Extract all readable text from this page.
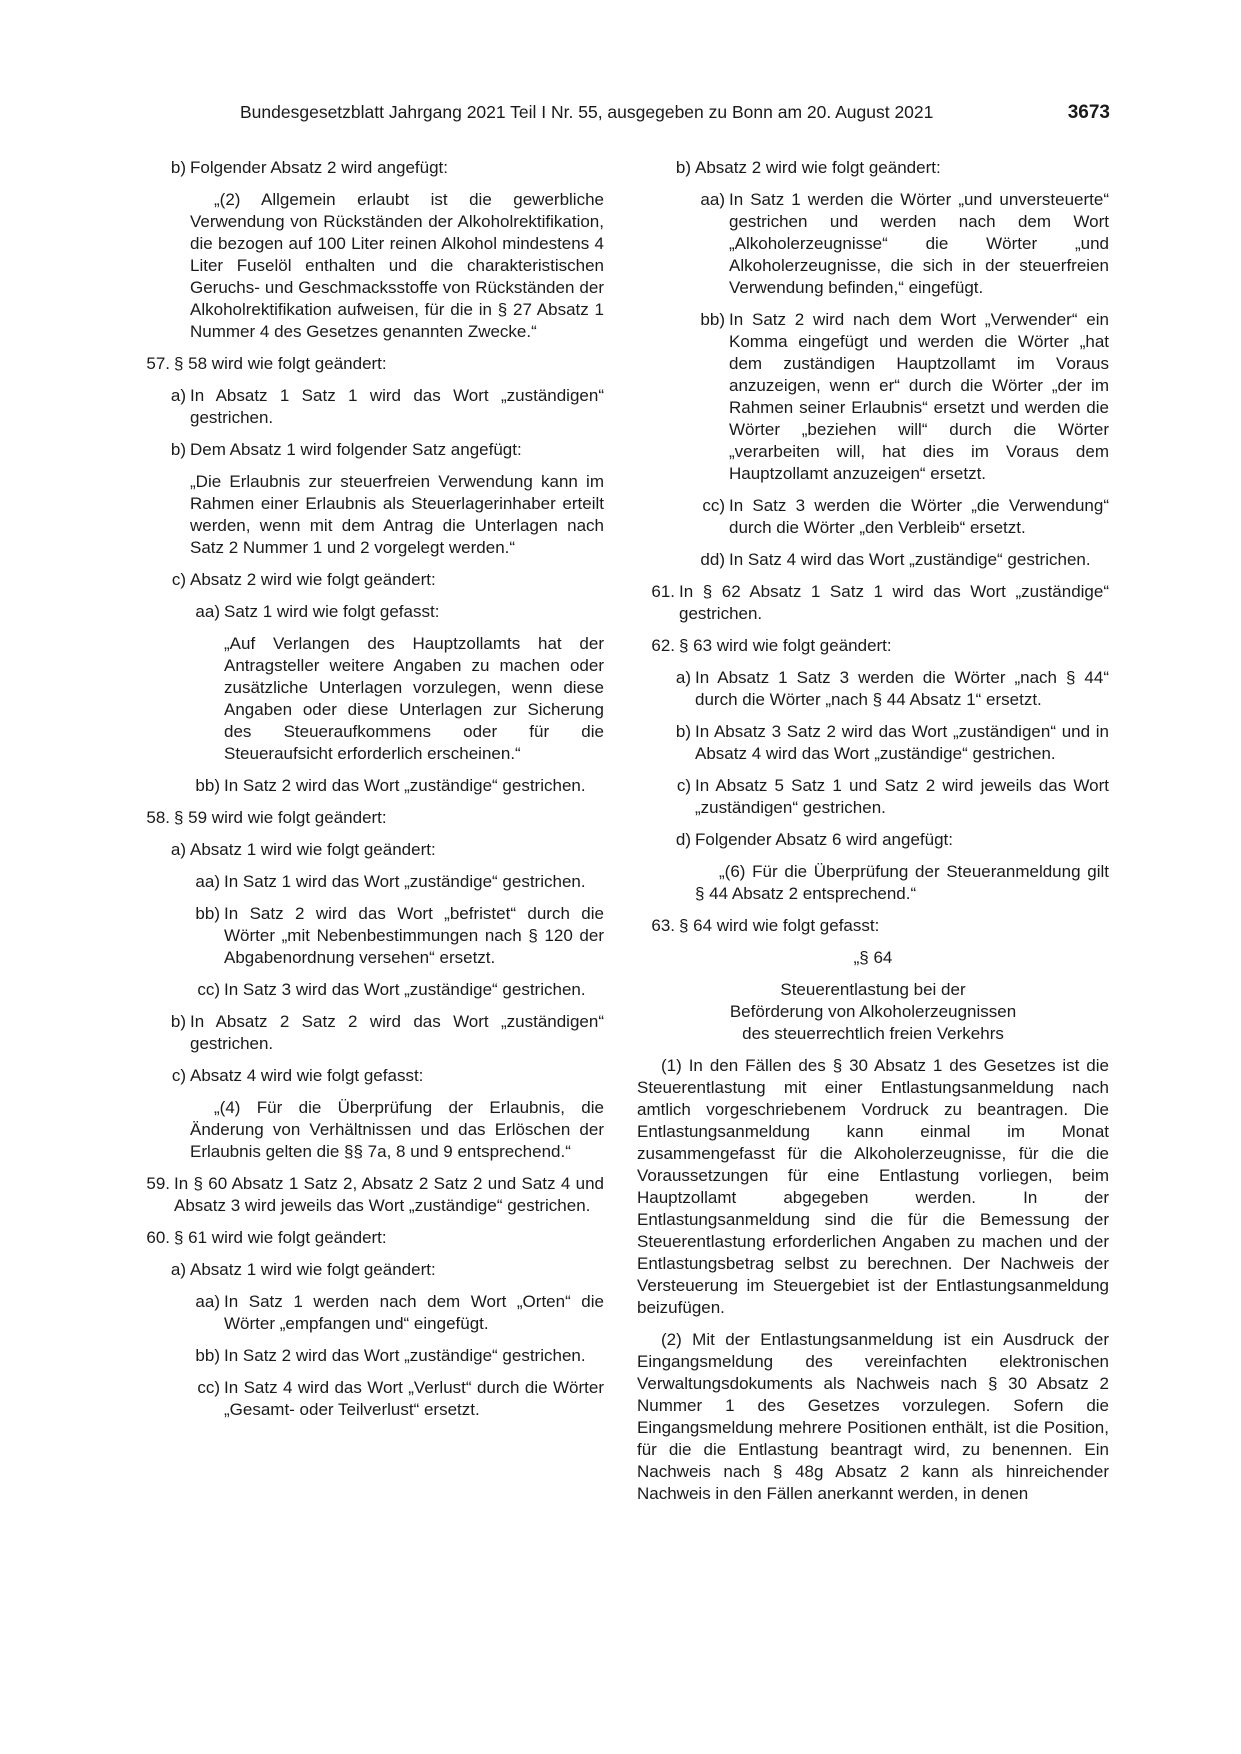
Bundesgesetzblatt Jahrgang 2021 Teil I Nr. 55, ausgegeben zu Bonn am 20. August 2021	3673
b) Folgender Absatz 2 wird angefügt:
„(2) Allgemein erlaubt ist die gewerbliche Verwendung von Rückständen der Alkoholrektifikation, die bezogen auf 100 Liter reinen Alkohol mindestens 4 Liter Fuselöl enthalten und die charakteristischen Geruchs- und Geschmacksstoffe von Rückständen der Alkoholrektifikation aufweisen, für die in § 27 Absatz 1 Nummer 4 des Gesetzes genannten Zwecke.“
57. § 58 wird wie folgt geändert:
a) In Absatz 1 Satz 1 wird das Wort „zuständigen“ gestrichen.
b) Dem Absatz 1 wird folgender Satz angefügt:
„Die Erlaubnis zur steuerfreien Verwendung kann im Rahmen einer Erlaubnis als Steuerlagerinhaber erteilt werden, wenn mit dem Antrag die Unterlagen nach Satz 2 Nummer 1 und 2 vorgelegt werden.“
c) Absatz 2 wird wie folgt geändert:
aa) Satz 1 wird wie folgt gefasst:
„Auf Verlangen des Hauptzollamts hat der Antragsteller weitere Angaben zu machen oder zusätzliche Unterlagen vorzulegen, wenn diese Angaben oder diese Unterlagen zur Sicherung des Steueraufkommens oder für die Steueraufsicht erforderlich erscheinen.“
bb) In Satz 2 wird das Wort „zuständige“ gestrichen.
58. § 59 wird wie folgt geändert:
a) Absatz 1 wird wie folgt geändert:
aa) In Satz 1 wird das Wort „zuständige“ gestrichen.
bb) In Satz 2 wird das Wort „befristet“ durch die Wörter „mit Nebenbestimmungen nach § 120 der Abgabenordnung versehen“ ersetzt.
cc) In Satz 3 wird das Wort „zuständige“ gestrichen.
b) In Absatz 2 Satz 2 wird das Wort „zuständigen“ gestrichen.
c) Absatz 4 wird wie folgt gefasst:
„(4) Für die Überprüfung der Erlaubnis, die Änderung von Verhältnissen und das Erlöschen der Erlaubnis gelten die §§ 7a, 8 und 9 entsprechend.“
59. In § 60 Absatz 1 Satz 2, Absatz 2 Satz 2 und Satz 4 und Absatz 3 wird jeweils das Wort „zuständige“ gestrichen.
60. § 61 wird wie folgt geändert:
a) Absatz 1 wird wie folgt geändert:
aa) In Satz 1 werden nach dem Wort „Orten“ die Wörter „empfangen und“ eingefügt.
bb) In Satz 2 wird das Wort „zuständige“ gestrichen.
cc) In Satz 4 wird das Wort „Verlust“ durch die Wörter „Gesamt- oder Teilverlust“ ersetzt.
b) Absatz 2 wird wie folgt geändert:
aa) In Satz 1 werden die Wörter „und unversteuerte“ gestrichen und werden nach dem Wort „Alkoholerzeugnisse“ die Wörter „und Alkoholerzeugnisse, die sich in der steuerfreien Verwendung befinden,“ eingefügt.
bb) In Satz 2 wird nach dem Wort „Verwender“ ein Komma eingefügt und werden die Wörter „hat dem zuständigen Hauptzollamt im Voraus anzuzeigen, wenn er“ durch die Wörter „der im Rahmen seiner Erlaubnis“ ersetzt und werden die Wörter „beziehen will“ durch die Wörter „verarbeiten will, hat dies im Voraus dem Hauptzollamt anzuzeigen“ ersetzt.
cc) In Satz 3 werden die Wörter „die Verwendung“ durch die Wörter „den Verbleib“ ersetzt.
dd) In Satz 4 wird das Wort „zuständige“ gestrichen.
61. In § 62 Absatz 1 Satz 1 wird das Wort „zuständige“ gestrichen.
62. § 63 wird wie folgt geändert:
a) In Absatz 1 Satz 3 werden die Wörter „nach § 44“ durch die Wörter „nach § 44 Absatz 1“ ersetzt.
b) In Absatz 3 Satz 2 wird das Wort „zuständigen“ und in Absatz 4 wird das Wort „zuständige“ gestrichen.
c) In Absatz 5 Satz 1 und Satz 2 wird jeweils das Wort „zuständigen“ gestrichen.
d) Folgender Absatz 6 wird angefügt:
„(6) Für die Überprüfung der Steueranmeldung gilt § 44 Absatz 2 entsprechend.“
63. § 64 wird wie folgt gefasst:
„§ 64
Steuerentlastung bei der
Beförderung von Alkoholerzeugnissen
des steuerrechtlich freien Verkehrs
(1) In den Fällen des § 30 Absatz 1 des Gesetzes ist die Steuerentlastung mit einer Entlastungsanmeldung nach amtlich vorgeschriebenem Vordruck zu beantragen. Die Entlastungsanmeldung kann einmal im Monat zusammengefasst für die Alkoholerzeugnisse, für die die Voraussetzungen für eine Entlastung vorliegen, beim Hauptzollamt abgegeben werden. In der Entlastungsanmeldung sind die für die Bemessung der Steuerentlastung erforderlichen Angaben zu machen und der Entlastungsbetrag selbst zu berechnen. Der Nachweis der Versteuerung im Steuergebiet ist der Entlastungsanmeldung beizufügen.
(2) Mit der Entlastungsanmeldung ist ein Ausdruck der Eingangsmeldung des vereinfachten elektronischen Verwaltungsdokuments als Nachweis nach § 30 Absatz 2 Nummer 1 des Gesetzes vorzulegen. Sofern die Eingangsmeldung mehrere Positionen enthält, ist die Position, für die die Entlastung beantragt wird, zu benennen. Ein Nachweis nach § 48g Absatz 2 kann als hinreichender Nachweis in den Fällen anerkannt werden, in denen
